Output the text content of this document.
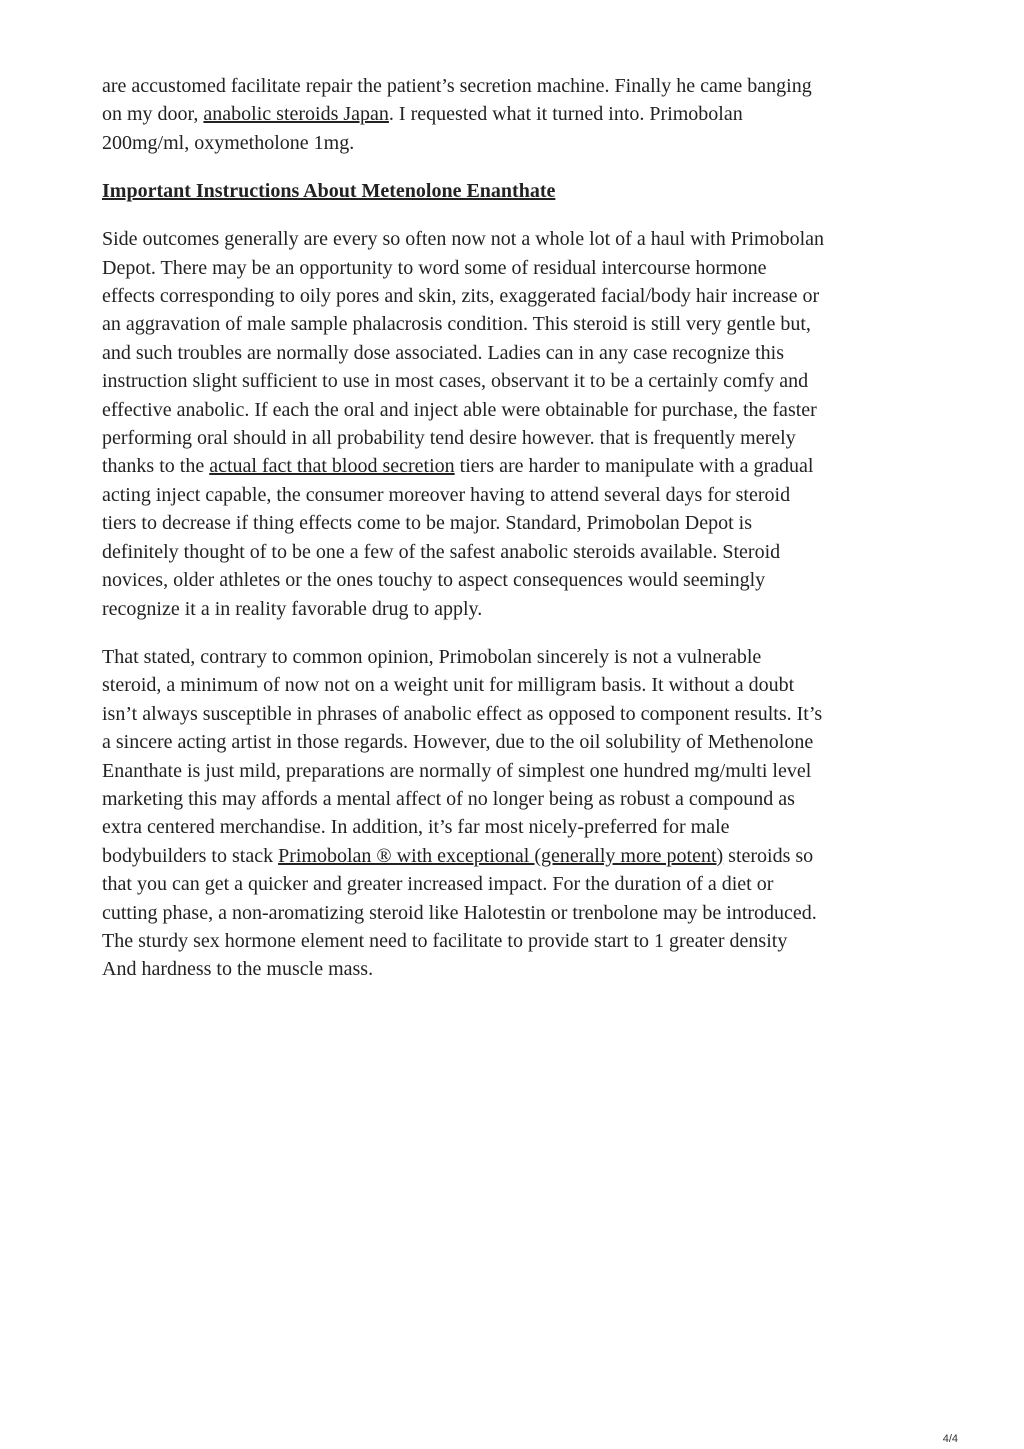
are accustomed facilitate repair the patient’s secretion machine. Finally he came banging
on my door, anabolic steroids Japan. I requested what it turned into. Primobolan
200mg/ml, oxymetholone 1mg.

Important Instructions About Metenolone Enanthate

Side outcomes generally are every so often now not a whole lot of a haul with Primobolan
Depot. There may be an opportunity to word some of residual intercourse hormone
effects corresponding to oily pores and skin, zits, exaggerated facial/body hair increase or
an aggravation of male sample phalacrosis condition. This steroid is still very gentle but,
and such troubles are normally dose associated. Ladies can in any case recognize this
instruction slight sufficient to use in most cases, observant it to be a certainly comfy and
effective anabolic. If each the oral and inject able were obtainable for purchase, the faster
performing oral should in all probability tend desire however. that is frequently merely
thanks to the actual fact that blood secretion tiers are harder to manipulate with a gradual
acting inject capable, the consumer moreover having to attend several days for steroid
tiers to decrease if thing effects come to be major. Standard, Primobolan Depot is
definitely thought of to be one a few of the safest anabolic steroids available. Steroid
novices, older athletes or the ones touchy to aspect consequences would seemingly
recognize it a in reality favorable drug to apply.

That stated, contrary to common opinion, Primobolan sincerely is not a vulnerable
steroid, a minimum of now not on a weight unit for milligram basis. It without a doubt
isn’t always susceptible in phrases of anabolic effect as opposed to component results. It’s
a sincere acting artist in those regards. However, due to the oil solubility of Methenolone
Enanthate is just mild, preparations are normally of simplest one hundred mg/multi level
marketing this may affords a mental affect of no longer being as robust a compound as
extra centered merchandise. In addition, it’s far most nicely-preferred for male
bodybuilders to stack Primobolan ® with exceptional (generally more potent) steroids so
that you can get a quicker and greater increased impact. For the duration of a diet or
cutting phase, a non-aromatizing steroid like Halotestin or trenbolone may be introduced.
The sturdy sex hormone element need to facilitate to provide start to 1 greater density
And hardness to the muscle mass.

4/4
